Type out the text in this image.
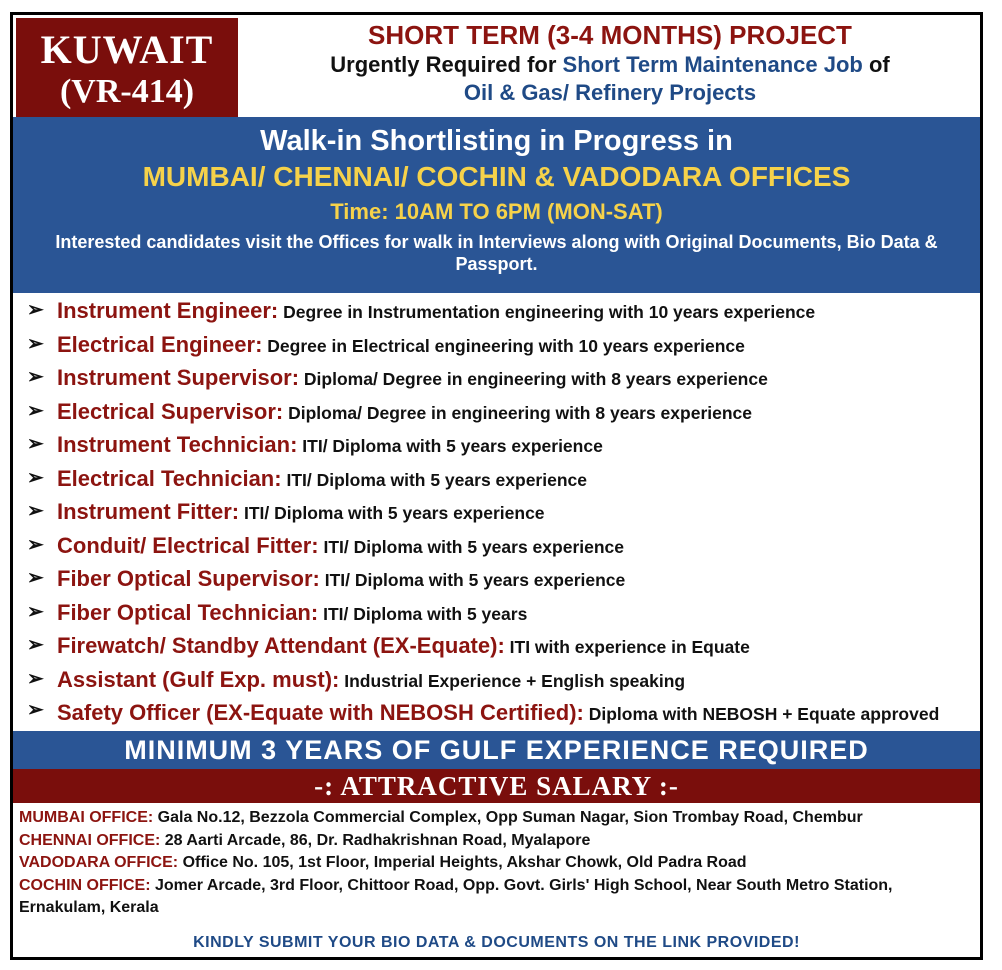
KUWAIT
(VR-414)
SHORT TERM (3-4 MONTHS) PROJECT
Urgently Required for Short Term Maintenance Job of
Oil & Gas/ Refinery Projects
Walk-in Shortlisting in Progress in
MUMBAI/ CHENNAI/ COCHIN & VADODARA OFFICES
Time: 10AM TO 6PM (MON-SAT)
Interested candidates visit the Offices for walk in Interviews along with Original Documents, Bio Data & Passport.
➢ Instrument Engineer: Degree in Instrumentation engineering with 10 years experience
➢ Electrical Engineer: Degree in Electrical engineering with 10 years experience
➢ Instrument Supervisor: Diploma/ Degree in engineering with 8 years experience
➢ Electrical Supervisor: Diploma/ Degree in engineering with 8 years experience
➢ Instrument Technician: ITI/ Diploma with 5 years experience
➢ Electrical Technician: ITI/ Diploma with 5 years experience
➢ Instrument Fitter: ITI/ Diploma with 5 years experience
➢ Conduit/ Electrical Fitter: ITI/ Diploma with 5 years experience
➢ Fiber Optical Supervisor: ITI/ Diploma with 5 years experience
➢ Fiber Optical Technician: ITI/ Diploma with 5 years
➢ Firewatch/ Standby Attendant (EX-Equate): ITI with experience in Equate
➢ Assistant (Gulf Exp. must): Industrial Experience + English speaking
➢ Safety Officer (EX-Equate with NEBOSH Certified): Diploma with NEBOSH + Equate approved
MINIMUM 3 YEARS OF GULF EXPERIENCE REQUIRED
-: ATTRACTIVE SALARY :-
MUMBAI OFFICE: Gala No.12, Bezzola Commercial Complex, Opp Suman Nagar, Sion Trombay Road, Chembur
CHENNAI OFFICE: 28 Aarti Arcade, 86, Dr. Radhakrishnan Road, Myalapore
VADODARA OFFICE: Office No. 105, 1st Floor, Imperial Heights, Akshar Chowk, Old Padra Road
COCHIN OFFICE: Jomer Arcade, 3rd Floor, Chittoor Road, Opp. Govt. Girls' High School, Near South Metro Station, Ernakulam, Kerala
KINDLY SUBMIT YOUR BIO DATA & DOCUMENTS ON THE LINK PROVIDED!
